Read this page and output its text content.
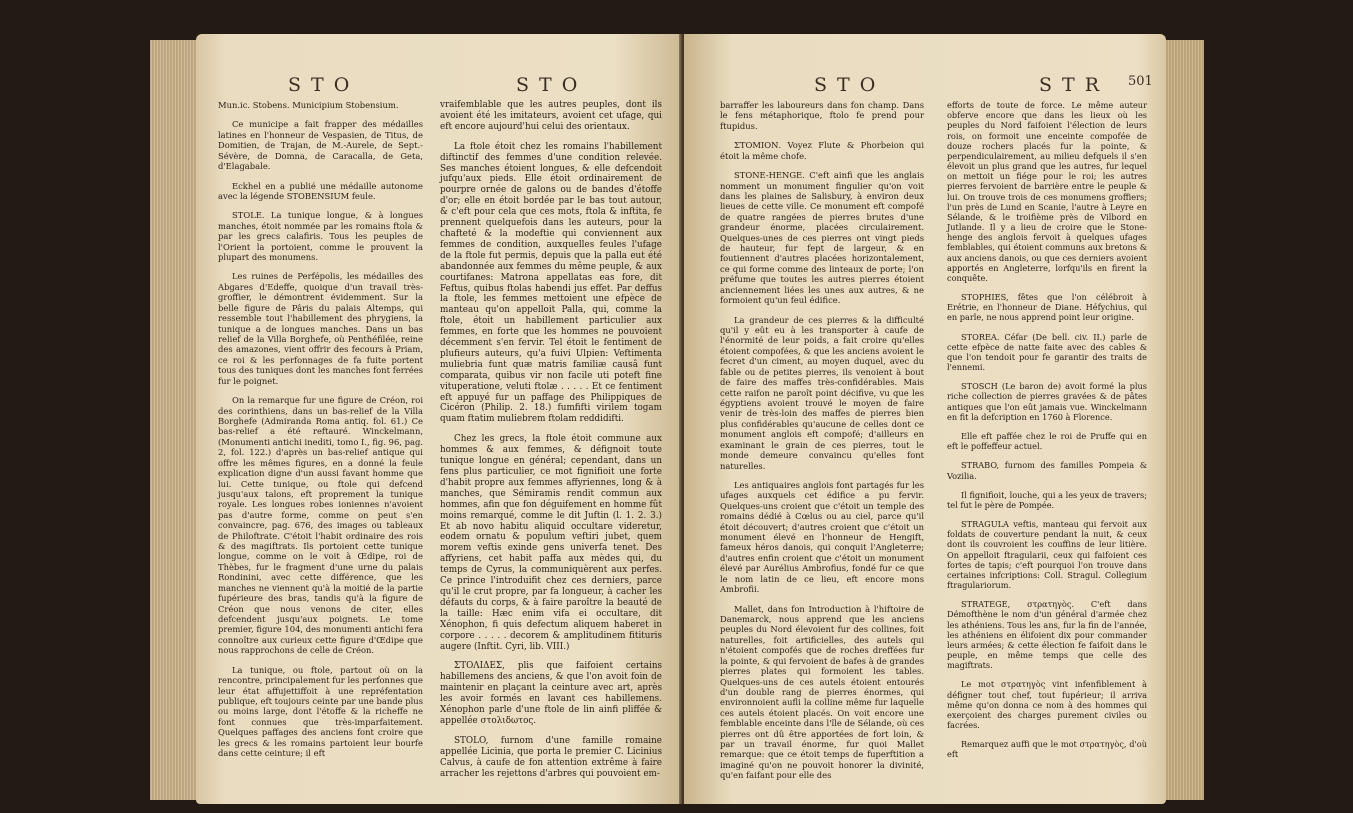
STO	STO

Mun.ic. Stobens. Municipium Stobensium.

Ce municipe a fait frapper des médailles latines en l'honneur de Vespasien, de Titus, de Domitien, de Trajan, de M.-Aurele, de Sept.-Sévère, de Domna, de Caracalla, de Geta, d'Elagabale.

Eckhel en a publié une médaille autonome avec la légende STOBENSIUM feule.

STOLE. La tunique longue, & à longues manches, étoit nommée par les romains ftola & par les grecs calafiris. Tous les peuples de l'Orient la portoient, comme le prouvent la plupart des monumens.

Les ruines de Perfépolis, les médailles des Abgares d'Edeffe, quoique d'un travail très-groffier, le démontrent évidemment. Sur la belle figure de Pâris du palais Altemps, qui ressemble tout l'habillement des phrygiens, la tunique a de longues manches. Dans un bas relief de la Villa Borghefe, où Penthéfilée, reine des amazones, vient offrir des fecours à Priam, ce roi & les perfonnages de fa fuite portent tous des tuniques dont les manches font ferrées fur le poignet.

On la remarque fur une figure de Créon, roi des corinthiens, dans un bas-relief de la Villa Borghefe (Admiranda Roma antiq. fol. 61.) Ce bas-relief a été reftauré. Winckelmann, (Monumenti antichi inediti, tomo I., fig. 96, pag. 2, fol. 122.) d'après un bas-relief antique qui offre les mêmes figures, en a donné la feule explication digne d'un aussi favant homme que lui. Cette tunique, ou ftole qui defcend jusqu'aux talons, eft proprement la tunique royale. Les longues robes ioniennes n'avoient pas d'autre forme, comme on peut s'en convaincre, pag. 676, des images ou tableaux de Philoftrate. C'étoit l'habit ordinaire des rois & des magiftrats. Ils portoient cette tunique longue, comme on le voit à Œdipe, roi de Thèbes, fur le fragment d'une urne du palais Rondinini, avec cette différence, que les manches ne viennent qu'à la moitié de la partie fupérieure des bras, tandis qu'à la figure de Créon que nous venons de citer, elles defcendent jusqu'aux poignets. Le tome premier, figure 104, des monumenti antichi fera connoître aux curieux cette figure d'Œdipe que nous rapprochons de celle de Créon.

La tunique, ou ftole, partout où on la rencontre, principalement fur les perfonnes que leur état affujettiffoit à une repréfentation publique, eft toujours ceinte par une bande plus ou moins large, dont l'étoffe & la richeffe ne font connues que très-imparfaitement. Quelques paffages des anciens font croire que les grecs & les romains partoient leur bourfe dans cette ceinture; il eft

vraifemblable que les autres peuples, dont ils avoient été les imitateurs, avoient cet ufage, qui eft encore aujourd'hui celui des orientaux.

La ftole étoit chez les romains l'habillement diftinctif des femmes d'une condition relevée. Ses manches étoient longues, & elle defcendoit jufqu'aux pieds. Elle étoit ordinairement de pourpre ornée de galons ou de bandes d'étoffe d'or; elle en étoit bordée par le bas tout autour, & c'eft pour cela que ces mots, ftola & inftita, fe prennent quelquefois dans les auteurs, pour la chafteté & la modeftie qui conviennent aux femmes de condition, auxquelles feules l'ufage de la ftole fut permis, depuis que la palla eut été abandonnée aux femmes du même peuple, & aux courtifanes: Matrona appellatas eas fore, dit Feftus, quibus ftolas habendi jus effet. Par deffus la ftole, les femmes mettoient une efpèce de manteau qu'on appelloit Palla, qui, comme la ftole, étoit un habillement particulier aux femmes, en forte que les hommes ne pouvoient décemment s'en fervir. Tel étoit le fentiment de plufieurs auteurs, qu'a fuivi Ulpien: Veftimenta muliebria funt quæ matris familiæ causâ funt comparata, quibus vir non facile uti poteft fine vituperatione, veluti ftolæ . . . . . Et ce fentiment eft appuyé fur un paffage des Philippiques de Cicéron (Philip. 2. 18.) fumfifti virilem togam quam ftatim muliebrem ftolam reddidifti.

Chez les grecs, la ftole étoit commune aux hommes & aux femmes, & défignoit toute tunique longue en général; cependant, dans un fens plus particulier, ce mot fignifioit une forte d'habit propre aux femmes affyriennes, long & à manches, que Sémiramis rendit commun aux hommes, afin que fon déguifement en homme fût moins remarqué, comme le dit Juftin (l. 1. 2. 3.) Et ab novo habitu aliquid occultare videretur, eodem ornatu & populum veftiri jubet, quem morem veftis exinde gens univerfa tenet. Des affyriens, cet habit paffa aux mèdes qui, du temps de Cyrus, la communiquèrent aux perfes. Ce prince l'introduifit chez ces derniers, parce qu'il le crut propre, par fa longueur, à cacher les défauts du corps, & à faire paroître la beauté de la taille: Hæc enim vifa ei occultare, dit Xénophon, fi quis defectum aliquem haberet in corpore . . . . . decorem & amplitudinem fitituris augere (Inftit. Cyri, lib. VIII.)

ΣΤΟΛΙΔΕΣ, plis que faifoient certains habillemens des anciens, & que l'on avoit foin de maintenir en plaçant la ceinture avec art, après les avoir formés en lavant ces habillemens. Xénophon parle d'une ftole de lin ainfi pliffée & appellée στολιδωτος.

STOLO, furnom d'une famille romaine appellée Licinia, que porta le premier C. Licinius Calvus, à caufe de fon attention extrême à faire arracher les rejettons d'arbres qui pouvoient em-

STO	STR 501

barraffer les laboureurs dans fon champ. Dans le fens métaphorique, ftolo fe prend pour ftupidus.

ΣΤΟΜΙΟΝ. Voyez Flute & Phorbeion qui étoit la même chofe.

STONE-HENGE. C'eft ainfi que les anglais nomment un monument fingulier qu'on voit dans les plaines de Salisbury, à environ deux lieues de cette ville. Ce monument eft compofé de quatre rangées de pierres brutes d'une grandeur énorme, placées circulairement. Quelques-unes de ces pierres ont vingt pieds de hauteur, fur fept de largeur, & en foutiennent d'autres placées horizontalement, ce qui forme comme des linteaux de porte; l'on préfume que toutes les autres pierres étoient anciennement liées les unes aux autres, & ne formoient qu'un feul édifice.

La grandeur de ces pierres & la difficulté qu'il y eût eu à les transporter à caufe de l'énormité de leur poids, a fait croire qu'elles étoient compofées, & que les anciens avoient le fecret d'un ciment, au moyen duquel, avec du fable ou de petites pierres, ils venoient à bout de faire des maffes très-confidérables. Mais cette raifon ne paroît point décifive, vu que les égyptiens avoient trouvé le moyen de faire venir de très-loin des maffes de pierres bien plus confidérables qu'aucune de celles dont ce monument anglois eft compofé; d'ailleurs en examinant le grain de ces pierres, tout le monde demeure convaincu qu'elles font naturelles.

Les antiquaires anglois font partagés fur les ufages auxquels cet édifice a pu fervir. Quelques-uns croient que c'étoit un temple des romains dédié à Cœlus ou au ciel, parce qu'il étoit découvert; d'autres croient que c'étoit un monument élevé en l'honneur de Hengift, fameux héros danois, qui conquit l'Angleterre; d'autres enfin croient que c'étoit un monument élevé par Aurélius Ambrofius, fondé fur ce que le nom latin de ce lieu, eft encore mons Ambrofii.

Mallet, dans fon Introduction à l'hiftoire de Danemarck, nous apprend que les anciens peuples du Nord élevoient fur des collines, foit naturelles, foit artificielles, des autels qui n'étoient compofés que de roches dreffées fur la pointe, & qui fervoient de bafes à de grandes pierres plates qui formoient les tables. Quelques-uns de ces autels étoient entourés d'un double rang de pierres énormes, qui environnoient aufli la colline même fur laquelle ces autels étoient placés. On voit encore une femblable enceinte dans l'île de Sélande, où ces pierres ont dû être apportées de fort loin, & par un travail énorme, fur quoi Mallet remarque: que ce étoit temps de fuperftition a imaginé qu'on ne pouvoit honorer la divinité, qu'en faifant pour elle des

efforts de toute de force. Le même auteur obferve encore que dans les lieux où les peuples du Nord faifoient l'élection de leurs rois, on formoit une enceinte compofée de douze rochers placés fur la pointe, & perpendiculairement, au milieu defquels il s'en élevoit un plus grand que les autres, fur lequel on mettoit un fiége pour le roi; les autres pierres fervoient de barrière entre le peuple & lui. On trouve trois de ces monumens groffiers; l'un près de Lund en Scanie, l'autre à Leyre en Sélande, & le troifième près de Vilbord en Jutlande. Il y a lieu de croire que le Stone-henge des anglois fervoit à quelques ufages femblables, qui étoient communs aux bretons & aux anciens danois, ou que ces derniers avoient apportés en Angleterre, lorfqu'ils en firent la conquête.

STOPHIES, fêtes que l'on célébroit à Erétrie, en l'honneur de Diane. Héfychius, qui en parle, ne nous apprend point leur origine.

STOREA. Céfar (De bell. civ. II.) parle de cette efpèce de natte faite avec des cables & que l'on tendoit pour fe garantir des traits de l'ennemi.

STOSCH (Le baron de) avoit formé la plus riche collection de pierres gravées & de pâtes antiques que l'on eût jamais vue. Winckelmann en fit la defcription en 1760 à Florence.

Elle eft paffée chez le roi de Pruffe qui en eft le poffeffeur actuel.

STRABO, furnom des familles Pompeia & Vozilia.

Il fignifioit, louche, qui a les yeux de travers; tel fut le père de Pompée.

STRAGULA veftis, manteau qui fervoit aux foldats de couverture pendant la nuit, & ceux dont ils couvroient les couffins de leur litière. On appelloit ftragularii, ceux qui faifoient ces fortes de tapis; c'eft pourquoi l'on trouve dans certaines infcriptions: Coll. Stragul. Collegium ftragulariorum.

STRATEGE, στρατηγὸς. C'eft dans Démofthène le nom d'un général d'armée chez les athéniens. Tous les ans, fur la fin de l'année, les athéniens en élifoient dix pour commander leurs armées; & cette élection fe faifoit dans le peuple, en même temps que celle des magiftrats.

Le mot στρατηγὸς vint infenfiblement à défigner tout chef, tout fupérieur; il arriva même qu'on donna ce nom à des hommes qui exerçoient des charges purement civiles ou facrées.

Remarquez auffi que le mot στρατηγὸς, d'où eft
